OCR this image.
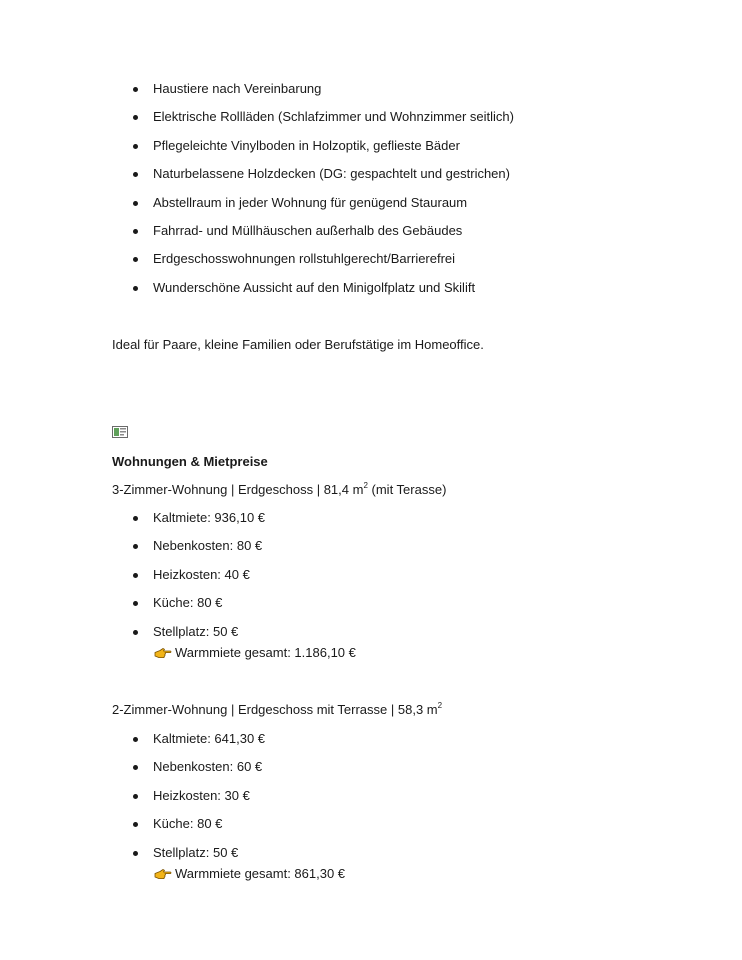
Haustiere nach Vereinbarung
Elektrische Rollläden (Schlafzimmer und Wohnzimmer seitlich)
Pflegeleichte Vinylboden in Holzoptik, geflieste Bäder
Naturbelassene Holzdecken (DG: gespachtelt und gestrichen)
Abstellraum in jeder Wohnung für genügend Stauraum
Fahrrad- und Müllhäuschen außerhalb des Gebäudes
Erdgeschosswohnungen rollstuhlgerecht/Barrierefrei
Wunderschöne Aussicht auf den Minigolfplatz und Skilift
Ideal für Paare, kleine Familien oder Berufstätige im Homeoffice.
Wohnungen & Mietpreise
3-Zimmer-Wohnung | Erdgeschoss | 81,4 $m^2$ (mit Terasse)
Kaltmiete: 936,10 €
Nebenkosten: 80 €
Heizkosten: 40 €
Küche: 80 €
Stellplatz: 50 €
Warmmiete gesamt: 1.186,10 €
2-Zimmer-Wohnung | Erdgeschoss mit Terrasse | 58,3 $m^2$
Kaltmiete: 641,30 €
Nebenkosten: 60 €
Heizkosten: 30 €
Küche: 80 €
Stellplatz: 50 €
Warmmiete gesamt: 861,30 €
